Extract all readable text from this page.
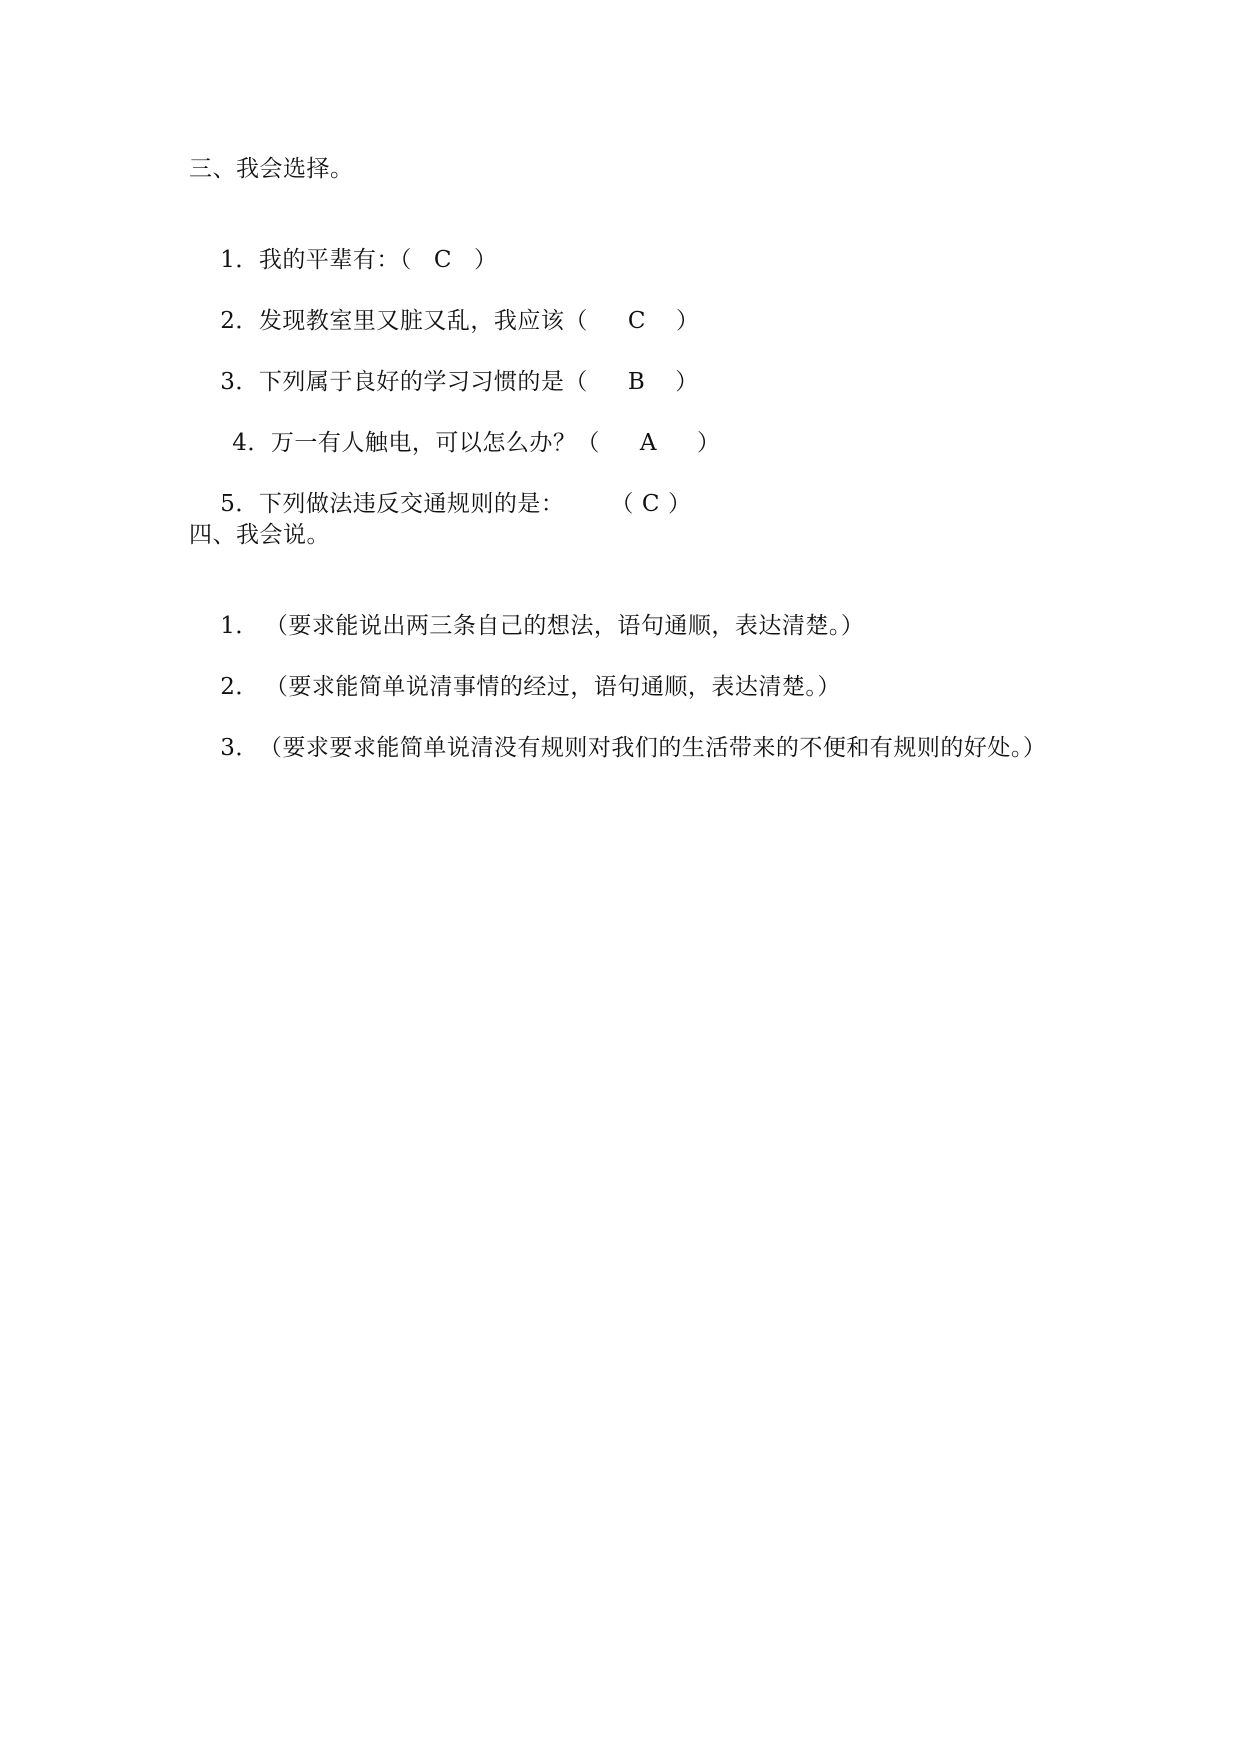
三、我会选择。

1．我的平辈有：（ C ）

2．发现教室里又脏又乱，我应该（ C ）

3．下列属于良好的学习习惯的是（ B ）

4．万一有人触电，可以怎么办？（ A ）

5．下列做法违反交通规则的是： （ C ）

四、我会说。

1． （要求能说出两三条自己的想法，语句通顺，表达清楚。）

2． （要求能简单说清事情的经过，语句通顺，表达清楚。）

3．（要求要求能简单说清没有规则对我们的生活带来的不便和有规则的好处。）
